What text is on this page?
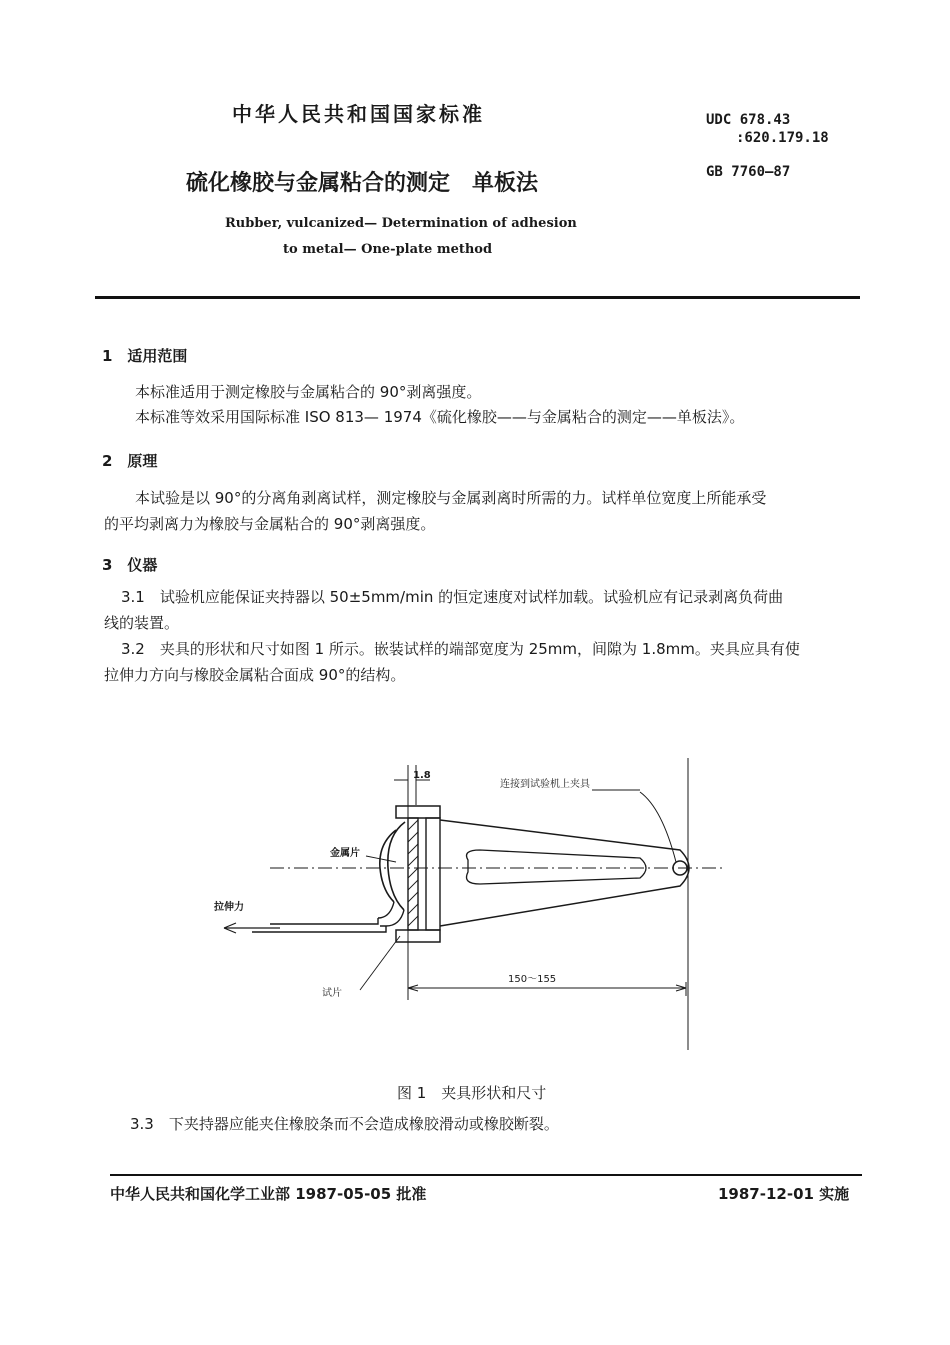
中华人民共和国国家标准	UDC 678.43
:620.179.18
GB 7760—87
硫化橡胶与金属粘合的测定　单板法
Rubber, vulcanized— Determination of adhesion
to metal— One-plate method
1　适用范围
本标准适用于测定橡胶与金属粘合的 90°剥离强度。
本标准等效采用国际标准 ISO 813— 1974《硫化橡胶——与金属粘合的测定——单板法》。
2　原理
本试验是以 90°的分离角剥离试样，测定橡胶与金属剥离时所需的力。试样单位宽度上所能承受
的平均剥离力为橡胶与金属粘合的 90°剥离强度。
3　仪器
3.1　试验机应能保证夹持器以 50±5mm/min 的恒定速度对试样加载。试验机应有记录剥离负荷曲
线的装置。
3.2　夹具的形状和尺寸如图 1 所示。嵌装试样的端部宽度为 25mm，间隙为 1.8mm。夹具应具有使
拉伸力方向与橡胶金属粘合面成 90°的结构。
1.8
连接到试验机上夹具
金属片
拉伸力
试片
150～155
图 1　夹具形状和尺寸
3.3　下夹持器应能夹住橡胶条而不会造成橡胶滑动或橡胶断裂。
中华人民共和国化学工业部 1987-05-05 批准	1987-12-01 实施
